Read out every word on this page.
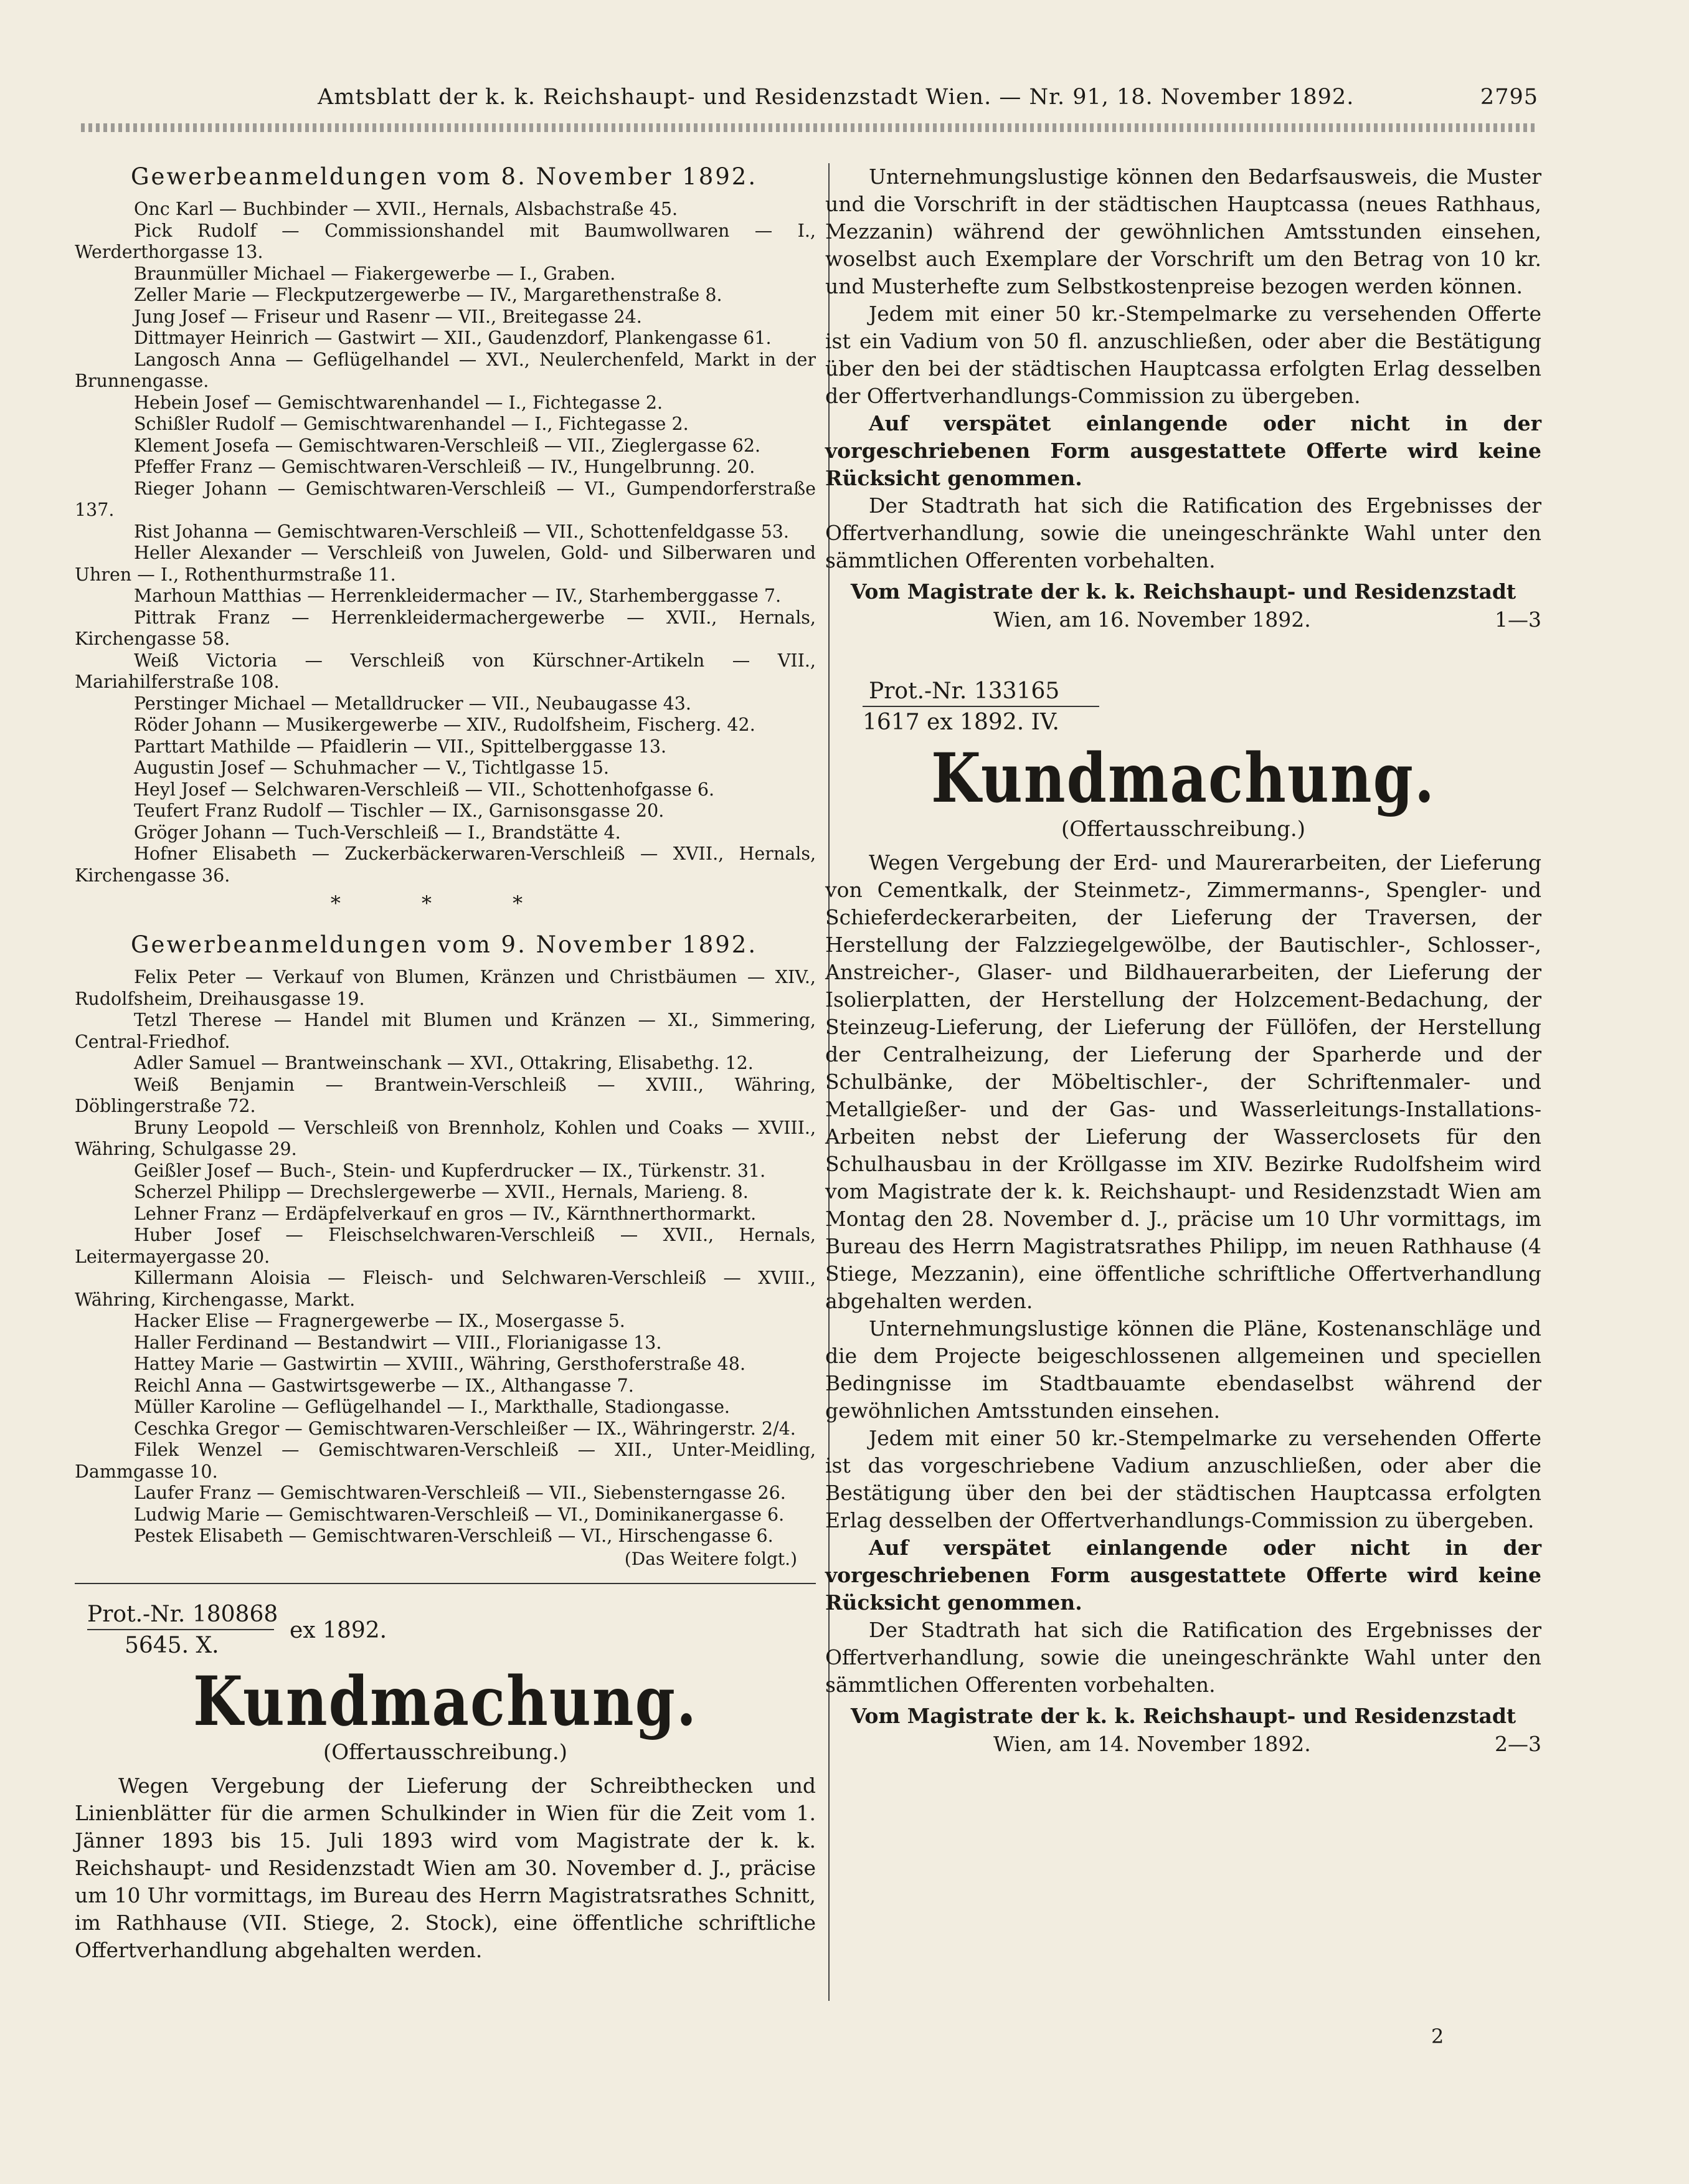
Amtsblatt der k. k. Reichshaupt- und Residenzstadt Wien. — Nr. 91, 18. November 1892.	2795
Gewerbeanmeldungen vom 8. November 1892.
Onc Karl — Buchbinder — XVII., Hernals, Alsbachstraße 45.
Pick Rudolf — Commissionshandel mit Baumwollwaren — I., Werderthorgasse 13.
Braunmüller Michael — Fiakergewerbe — I., Graben.
Zeller Marie — Fleckputzergewerbe — IV., Margarethenstraße 8.
Jung Josef — Friseur und Rasenr — VII., Breitegasse 24.
Dittmayer Heinrich — Gastwirt — XII., Gaudenzdorf, Plankengasse 61.
Langosch Anna — Geflügelhandel — XVI., Neulerchenfeld, Markt in der Brunnengasse.
Hebein Josef — Gemischtwarenhandel — I., Fichtegasse 2.
Schißler Rudolf — Gemischtwarenhandel — I., Fichtegasse 2.
Klement Josefa — Gemischtwaren-Verschleiß — VII., Zieglergasse 62.
Pfeffer Franz — Gemischtwaren-Verschleiß — IV., Hungelbrunng. 20.
Rieger Johann — Gemischtwaren-Verschleiß — VI., Gumpendorferstraße 137.
Rist Johanna — Gemischtwaren-Verschleiß — VII., Schottenfeldgasse 53.
Heller Alexander — Verschleiß von Juwelen, Gold- und Silberwaren und Uhren — I., Rothenthurmstraße 11.
Marhoun Matthias — Herrenkleidermacher — IV., Starhemberggasse 7.
Pittrak Franz — Herrenkleidermachergewerbe — XVII., Hernals, Kirchengasse 58.
Weiß Victoria — Verschleiß von Kürschner-Artikeln — VII., Mariahilferstraße 108.
Perstinger Michael — Metalldrucker — VII., Neubaugasse 43.
Röder Johann — Musikergewerbe — XIV., Rudolfsheim, Fischerg. 42.
Parttart Mathilde — Pfaidlerin — VII., Spittelberggasse 13.
Augustin Josef — Schuhmacher — V., Tichtlgasse 15.
Heyl Josef — Selchwaren-Verschleiß — VII., Schottenhofgasse 6.
Teufert Franz Rudolf — Tischler — IX., Garnisonsgasse 20.
Gröger Johann — Tuch-Verschleiß — I., Brandstätte 4.
Hofner Elisabeth — Zuckerbäckerwaren-Verschleiß — XVII., Hernals, Kirchengasse 36.
* * *
Gewerbeanmeldungen vom 9. November 1892.
Felix Peter — Verkauf von Blumen, Kränzen und Christbäumen — XIV., Rudolfsheim, Dreihausgasse 19.
Tetzl Therese — Handel mit Blumen und Kränzen — XI., Simmering, Central-Friedhof.
Adler Samuel — Brantweinschank — XVI., Ottakring, Elisabethg. 12.
Weiß Benjamin — Brantwein-Verschleiß — XVIII., Währing, Döblingerstraße 72.
Bruny Leopold — Verschleiß von Brennholz, Kohlen und Coaks — XVIII., Währing, Schulgasse 29.
Geißler Josef — Buch-, Stein- und Kupferdrucker — IX., Türkenstr. 31.
Scherzel Philipp — Drechslergewerbe — XVII., Hernals, Marieng. 8.
Lehner Franz — Erdäpfelverkauf en gros — IV., Kärnthnerthormarkt.
Huber Josef — Fleischselchwaren-Verschleiß — XVII., Hernals, Leitermayergasse 20.
Killermann Aloisia — Fleisch- und Selchwaren-Verschleiß — XVIII., Währing, Kirchengasse, Markt.
Hacker Elise — Fragnergewerbe — IX., Mosergasse 5.
Haller Ferdinand — Bestandwirt — VIII., Florianigasse 13.
Hattey Marie — Gastwirtin — XVIII., Währing, Gersthoferstraße 48.
Reichl Anna — Gastwirtsgewerbe — IX., Althangasse 7.
Müller Karoline — Geflügelhandel — I., Markthalle, Stadiongasse.
Ceschka Gregor — Gemischtwaren-Verschleißer — IX., Währingerstr. 2/4.
Filek Wenzel — Gemischtwaren-Verschleiß — XII., Unter-Meidling, Dammgasse 10.
Laufer Franz — Gemischtwaren-Verschleiß — VII., Siebensterngasse 26.
Ludwig Marie — Gemischtwaren-Verschleiß — VI., Dominikanergasse 6.
Pestek Elisabeth — Gemischtwaren-Verschleiß — VI., Hirschengasse 6.
(Das Weitere folgt.)
Prot.-Nr. 180868
5645. X.
ex 1892.
Kundmachung.
(Offertausschreibung.)

Wegen Vergebung der Lieferung der Schreibthecken und Linienblätter für die armen Schulkinder in Wien für die Zeit vom 1. Jänner 1893 bis 15. Juli 1893 wird vom Magistrate der k. k. Reichshaupt- und Residenzstadt Wien am 30. November d. J., präcise um 10 Uhr vormittags, im Bureau des Herrn Magistratsrathes Schnitt, im Rathhause (VII. Stiege, 2. Stock), eine öffentliche schriftliche Offertverhandlung abgehalten werden.

Unternehmungslustige können den Bedarfsausweis, die Muster und die Vorschrift in der städtischen Hauptcassa (neues Rathhaus, Mezzanin) während der gewöhnlichen Amtsstunden einsehen, woselbst auch Exemplare der Vorschrift um den Betrag von 10 kr. und Musterhefte zum Selbstkostenpreise bezogen werden können.

Jedem mit einer 50 kr.-Stempelmarke zu versehenden Offerte ist ein Vadium von 50 fl. anzuschließen, oder aber die Bestätigung über den bei der städtischen Hauptcassa erfolgten Erlag desselben der Offertverhandlungs-Commission zu übergeben.

Auf verspätet einlangende oder nicht in der vorgeschriebenen Form ausgestattete Offerte wird keine Rücksicht genommen.

Der Stadtrath hat sich die Ratification des Ergebnisses der Offertverhandlung, sowie die uneingeschränkte Wahl unter den sämmtlichen Offerenten vorbehalten.

Vom Magistrate der k. k. Reichshaupt- und Residenzstadt
Wien, am 16. November 1892.	1—3
Prot.-Nr. 133165
1617 ex 1892. IV.
Kundmachung.
(Offertausschreibung.)

Wegen Vergebung der Erd- und Maurerarbeiten, der Lieferung von Cementkalk, der Steinmetz-, Zimmermanns-, Spengler- und Schieferdeckerarbeiten, der Lieferung der Traversen, der Herstellung der Falzziegelgewölbe, der Bautischler-, Schlosser-, Anstreicher-, Glaser- und Bildhauerarbeiten, der Lieferung der Isolierplatten, der Herstellung der Holzcement-Bedachung, der Steinzeug-Lieferung, der Lieferung der Füllöfen, der Herstellung der Centralheizung, der Lieferung der Sparherde und der Schulbänke, der Möbeltischler-, der Schriftenmaler- und Metallgießer- und der Gas- und Wasserleitungs-Installations-Arbeiten nebst der Lieferung der Wasserclosets für den Schulhausbau in der Kröllgasse im XIV. Bezirke Rudolfsheim wird vom Magistrate der k. k. Reichshaupt- und Residenzstadt Wien am Montag den 28. November d. J., präcise um 10 Uhr vormittags, im Bureau des Herrn Magistratsrathes Philipp, im neuen Rathhause (4 Stiege, Mezzanin), eine öffentliche schriftliche Offertverhandlung abgehalten werden.

Unternehmungslustige können die Pläne, Kostenanschläge und die dem Projecte beigeschlossenen allgemeinen und speciellen Bedingnisse im Stadtbauamte ebendaselbst während der gewöhnlichen Amtsstunden einsehen.

Jedem mit einer 50 kr.-Stempelmarke zu versehenden Offerte ist das vorgeschriebene Vadium anzuschließen, oder aber die Bestätigung über den bei der städtischen Hauptcassa erfolgten Erlag desselben der Offertverhandlungs-Commission zu übergeben.

Auf verspätet einlangende oder nicht in der vorgeschriebenen Form ausgestattete Offerte wird keine Rücksicht genommen.

Der Stadtrath hat sich die Ratification des Ergebnisses der Offertverhandlung, sowie die uneingeschränkte Wahl unter den sämmtlichen Offerenten vorbehalten.

Vom Magistrate der k. k. Reichshaupt- und Residenzstadt
Wien, am 14. November 1892.	2—3
2
